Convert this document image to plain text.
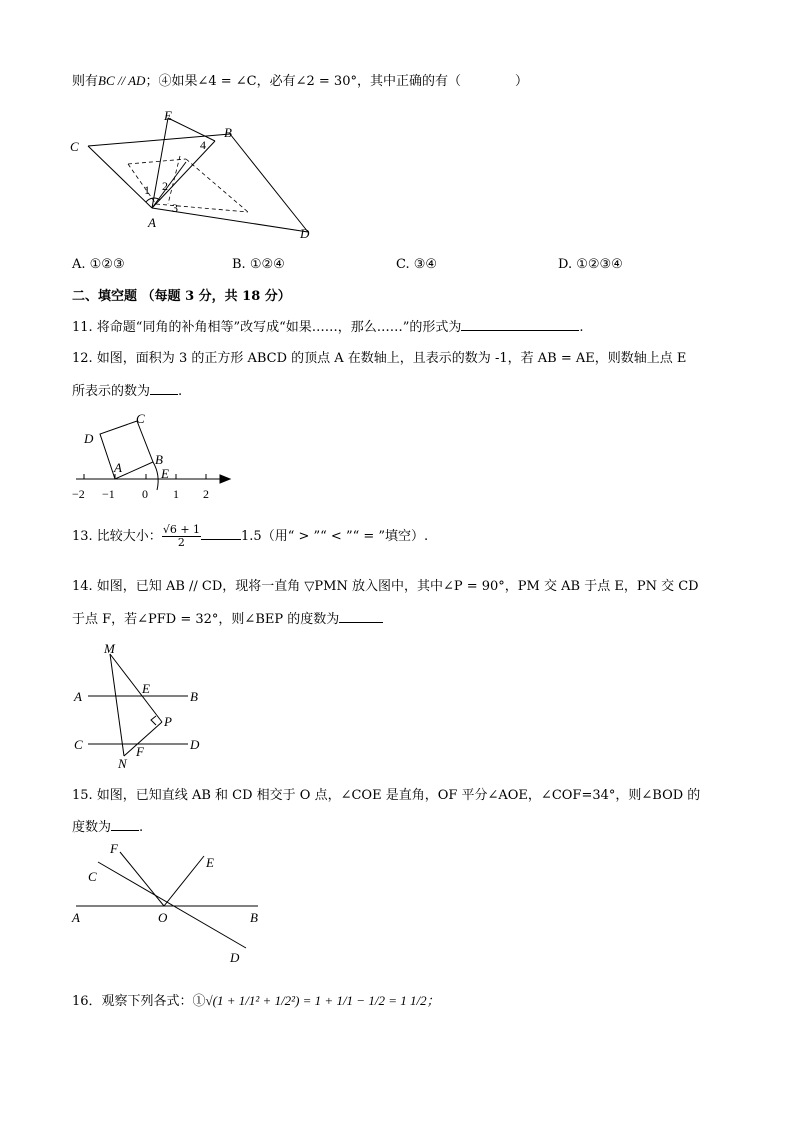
则有BC // AD；④如果∠4 = ∠C，必有∠2 = 30°，其中正确的有（	）
C
E
B
4
2
1
3
A
D
A. ①②③	B. ①②④	C. ③④	D. ①②③④
二、填空题 （每题 3 分，共 18 分）
11. 将命题“同角的补角相等”改写成“如果……，那么……”的形式为	.
12. 如图，面积为 3 的正方形 ABCD 的顶点 A 在数轴上，且表示的数为 -1，若 AB = AE，则数轴上点 E
所表示的数为 .
C
D
A
B
E
−2 −1 0 1 2
13. 比较大小： $\frac{√6 + 1}{2}$	1.5（用“ > ”“ < ”“ = ”填空）.
14. 如图，已知 AB // CD，现将一直角 ▽PMN 放入图中，其中∠P = 90°，PM 交 AB 于点 E，PN 交 CD
于点 F，若∠PFD = 32°，则∠BEP 的度数为
M
A
E
B
P
C	F	D
N
15. 如图，已知直线 AB 和 CD 相交于 O 点，∠COE 是直角，OF 平分∠AOE，∠COF=34°，则∠BOD 的
度数为 .
F
E
C
A	O	B
D
16．观察下列各式：①√(1 + 1/1² + 1/2²) = 1 + 1/1 − 1/2 = 1 1/2；
